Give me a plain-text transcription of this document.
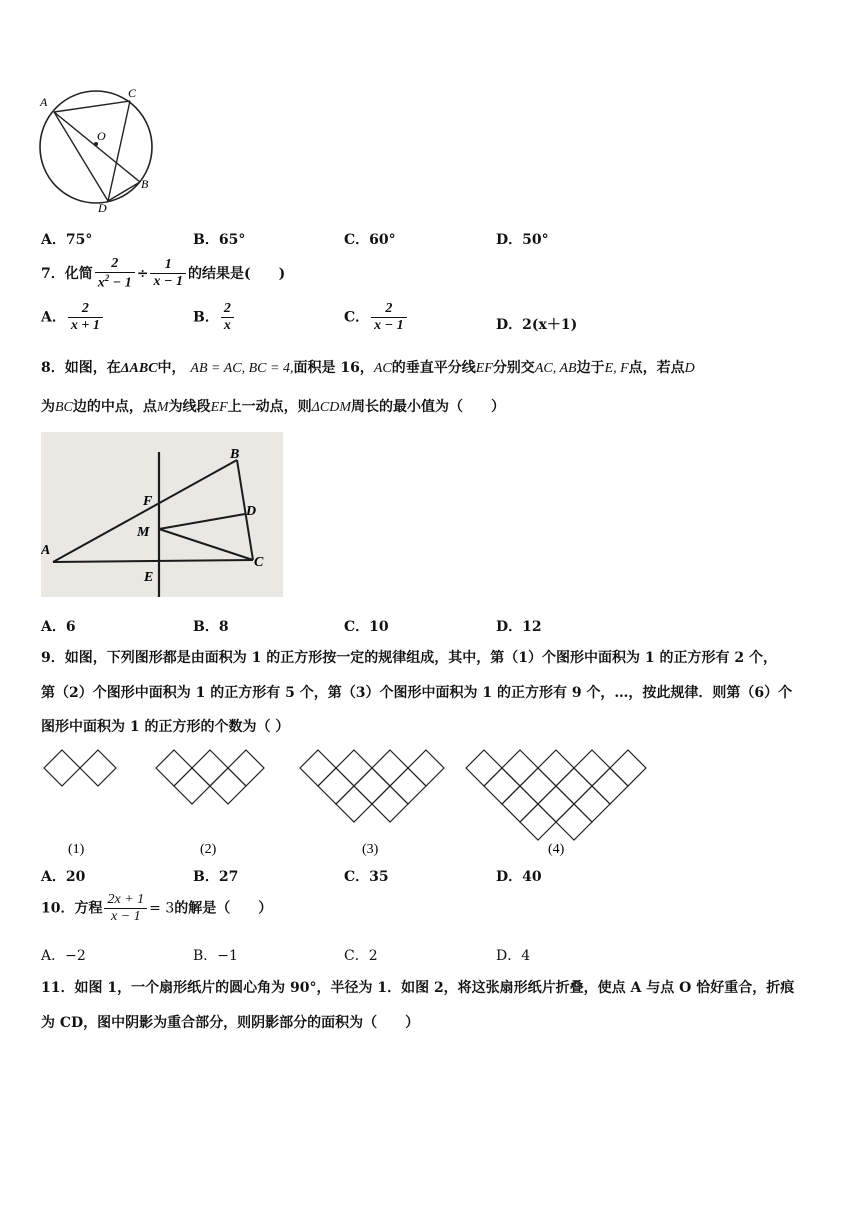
A
C
O
B
D
A．75°	B．65°	C．60°	D．50°
7．化简 $\frac{2}{x^2 - 1} \div \frac{1}{x - 1}$ 的结果是(　　)
A． $\frac{2}{x + 1}$	B． $\frac{2}{x}$	C． $\frac{2}{x - 1}$	D．2(x＋1)
8．如图，在ΔABC中， AB = AC, BC = 4,面积是 16，AC的垂直平分线EF分别交AC, AB边于E, F点，若点D
为BC边的中点，点M为线段EF上一动点，则ΔCDM周长的最小值为（　　）
B
F
D
M
A
C
E
A．6	B．8	C．10	D．12
9．如图，下列图形都是由面积为 1 的正方形按一定的规律组成，其中，第（1）个图形中面积为 1 的正方形有 2 个，
第（2）个图形中面积为 1 的正方形有 5 个，第（3）个图形中面积为 1 的正方形有 9 个，…，按此规律．则第（6）个
图形中面积为 1 的正方形的个数为（ ）
(1)	(2)	(3)	(4)
A．20	B．27	C．35	D．40
10．方程 $\frac{2x + 1}{x - 1} = 3$的解是（　　）
A．−2	B．−1	C．2	D．4
11．如图 1，一个扇形纸片的圆心角为 90°，半径为 1．如图 2，将这张扇形纸片折叠，使点 A 与点 O 恰好重合，折痕
为 CD，图中阴影为重合部分，则阴影部分的面积为（　　）
